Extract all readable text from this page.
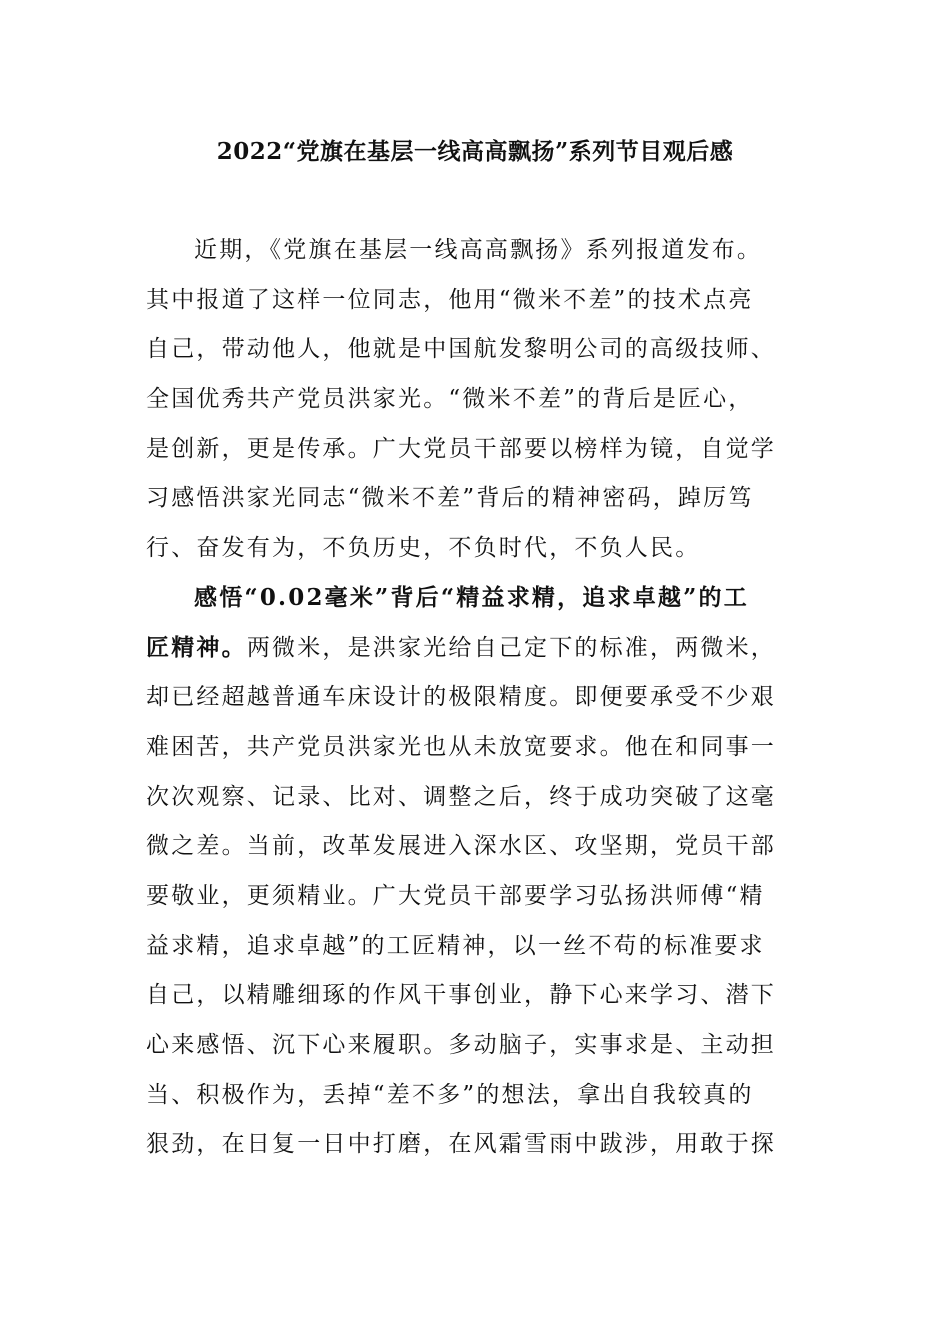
2022“党旗在基层一线高高飘扬”系列节目观后感
近期，《党旗在基层一线高高飘扬》系列报道发布。
其中报道了这样一位同志，他用“微米不差”的技术点亮
自己，带动他人，他就是中国航发黎明公司的高级技师、
全国优秀共产党员洪家光。“微米不差”的背后是匠心，
是创新，更是传承。广大党员干部要以榜样为镜，自觉学
习感悟洪家光同志“微米不差”背后的精神密码，踔厉笃
行、奋发有为，不负历史，不负时代，不负人民。
感悟“0.02毫米”背后“精益求精，追求卓越”的工
匠精神。两微米，是洪家光给自己定下的标准，两微米，
却已经超越普通车床设计的极限精度。即便要承受不少艰
难困苦，共产党员洪家光也从未放宽要求。他在和同事一
次次观察、记录、比对、调整之后，终于成功突破了这毫
微之差。当前，改革发展进入深水区、攻坚期，党员干部
要敬业，更须精业。广大党员干部要学习弘扬洪师傅“精
益求精，追求卓越”的工匠精神，以一丝不苟的标准要求
自己，以精雕细琢的作风干事创业，静下心来学习、潜下
心来感悟、沉下心来履职。多动脑子，实事求是、主动担
当、积极作为，丢掉“差不多”的想法，拿出自我较真的
狠劲，在日复一日中打磨，在风霜雪雨中跋涉，用敢于探
